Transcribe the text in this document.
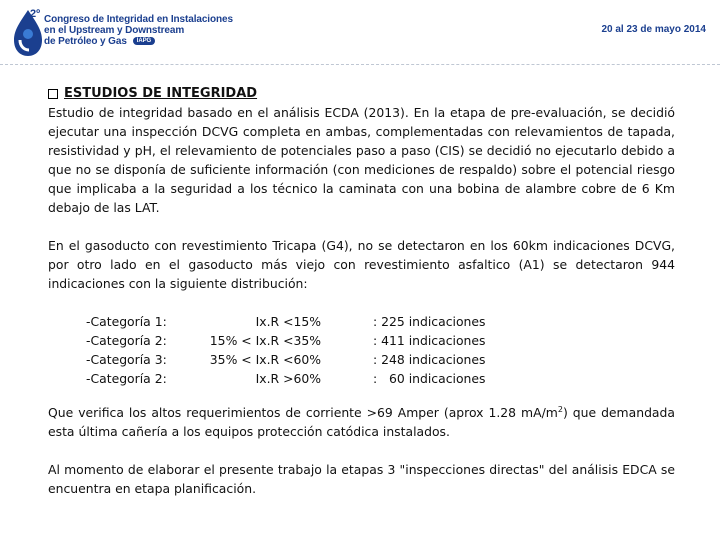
2º Congreso de Integridad en Instalaciones
en el Upstream y Downstream
de Petróleo y Gas IAPG
20 al 23 de mayo 2014
ESTUDIOS DE INTEGRIDAD

Estudio de integridad basado en el análisis ECDA (2013). En la etapa de pre-evaluación, se decidió ejecutar una inspección DCVG completa en ambas, complementadas con relevamientos de tapada, resistividad y pH, el relevamiento de potenciales paso a paso (CIS) se decidió no ejecutarlo debido a que no se disponía de suficiente información (con mediciones de respaldo) sobre el potencial riesgo que implicaba a la seguridad a los técnico la caminata con una bobina de alambre cobre de 6 Km debajo de las LAT.

En el gasoducto con revestimiento Tricapa (G4), no se detectaron en los 60km indicaciones DCVG, por otro lado en el gasoducto más viejo con revestimiento asfaltico (A1) se detectaron 944 indicaciones con la siguiente distribución:

-Categoría 1:	Ix.R <15%	: 225 indicaciones
-Categoría 2:	15% < Ix.R <35%	: 411 indicaciones
-Categoría 3:	35% < Ix.R <60%	: 248 indicaciones
-Categoría 2:	Ix.R >60%	:   60 indicaciones

Que verifica los altos requerimientos de corriente >69 Amper (aprox 1.28 $mA/m^2$) que demandada esta última cañería a los equipos protección catódica instalados.

Al momento de elaborar el presente trabajo la etapas 3 "inspecciones directas" del análisis EDCA se encuentra en etapa planificación.
